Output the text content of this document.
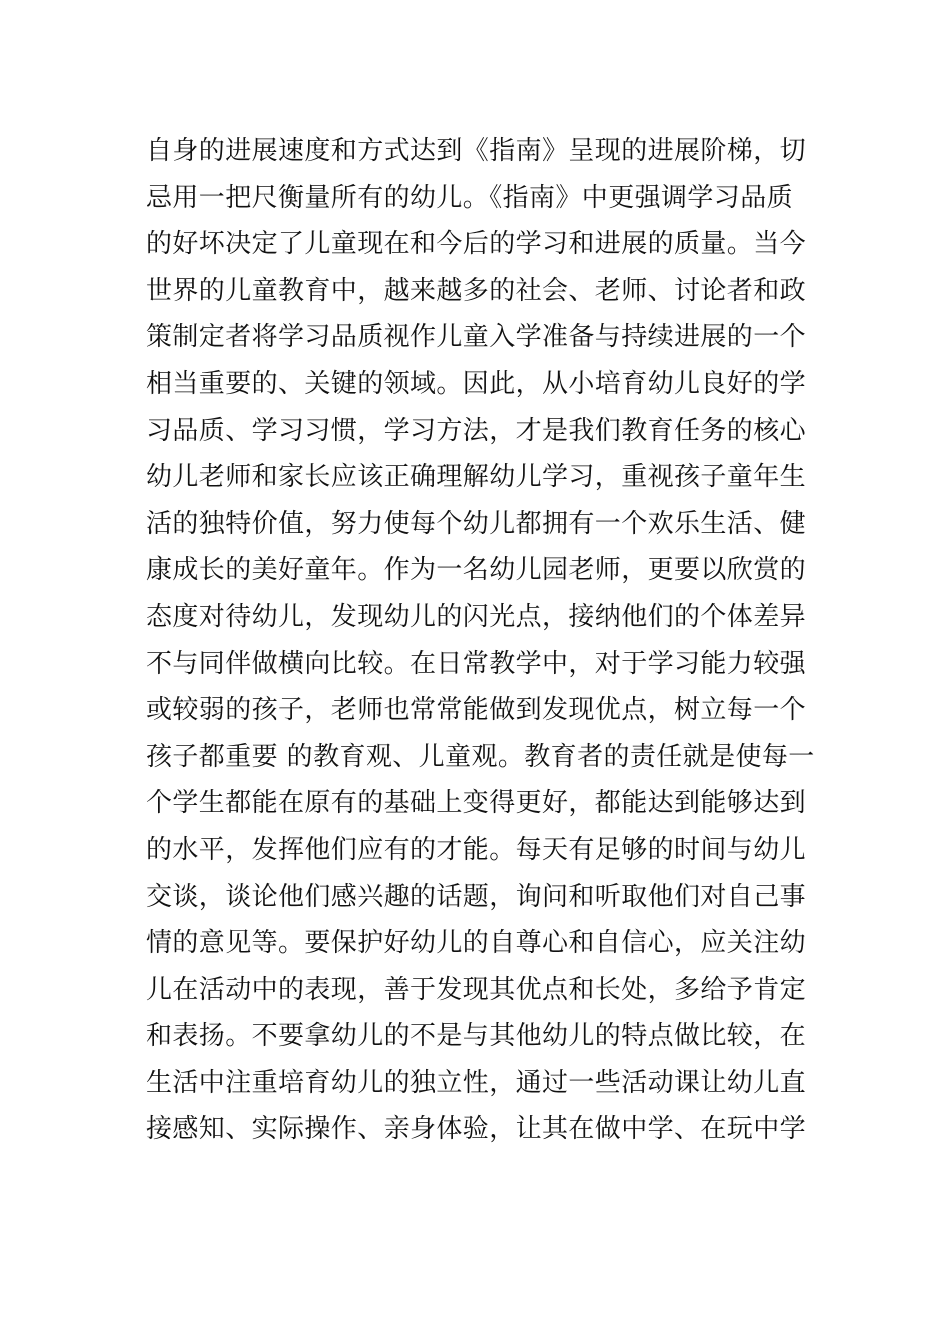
自身的进展速度和方式达到《指南》呈现的进展阶梯，切
忌用一把尺衡量所有的幼儿。《指南》中更强调学习品质
的好坏决定了儿童现在和今后的学习和进展的质量。当今
世界的儿童教育中，越来越多的社会、老师、讨论者和政
策制定者将学习品质视作儿童入学准备与持续进展的一个
相当重要的、关键的领域。因此，从小培育幼儿良好的学
习品质、学习习惯，学习方法，才是我们教育任务的核心
幼儿老师和家长应该正确理解幼儿学习，重视孩子童年生
活的独特价值，努力使每个幼儿都拥有一个欢乐生活、健
康成长的美好童年。作为一名幼儿园老师，更要以欣赏的
态度对待幼儿，发现幼儿的闪光点，接纳他们的个体差异
不与同伴做横向比较。在日常教学中，对于学习能力较强
或较弱的孩子，老师也常常能做到发现优点，树立每一个
孩子都重要 的教育观、儿童观。教育者的责任就是使每一
个学生都能在原有的基础上变得更好，都能达到能够达到
的水平，发挥他们应有的才能。每天有足够的时间与幼儿
交谈，谈论他们感兴趣的话题，询问和听取他们对自己事
情的意见等。要保护好幼儿的自尊心和自信心，应关注幼
儿在活动中的表现，善于发现其优点和长处，多给予肯定
和表扬。不要拿幼儿的不是与其他幼儿的特点做比较，在
生活中注重培育幼儿的独立性，通过一些活动课让幼儿直
接感知、实际操作、亲身体验，让其在做中学、在玩中学
